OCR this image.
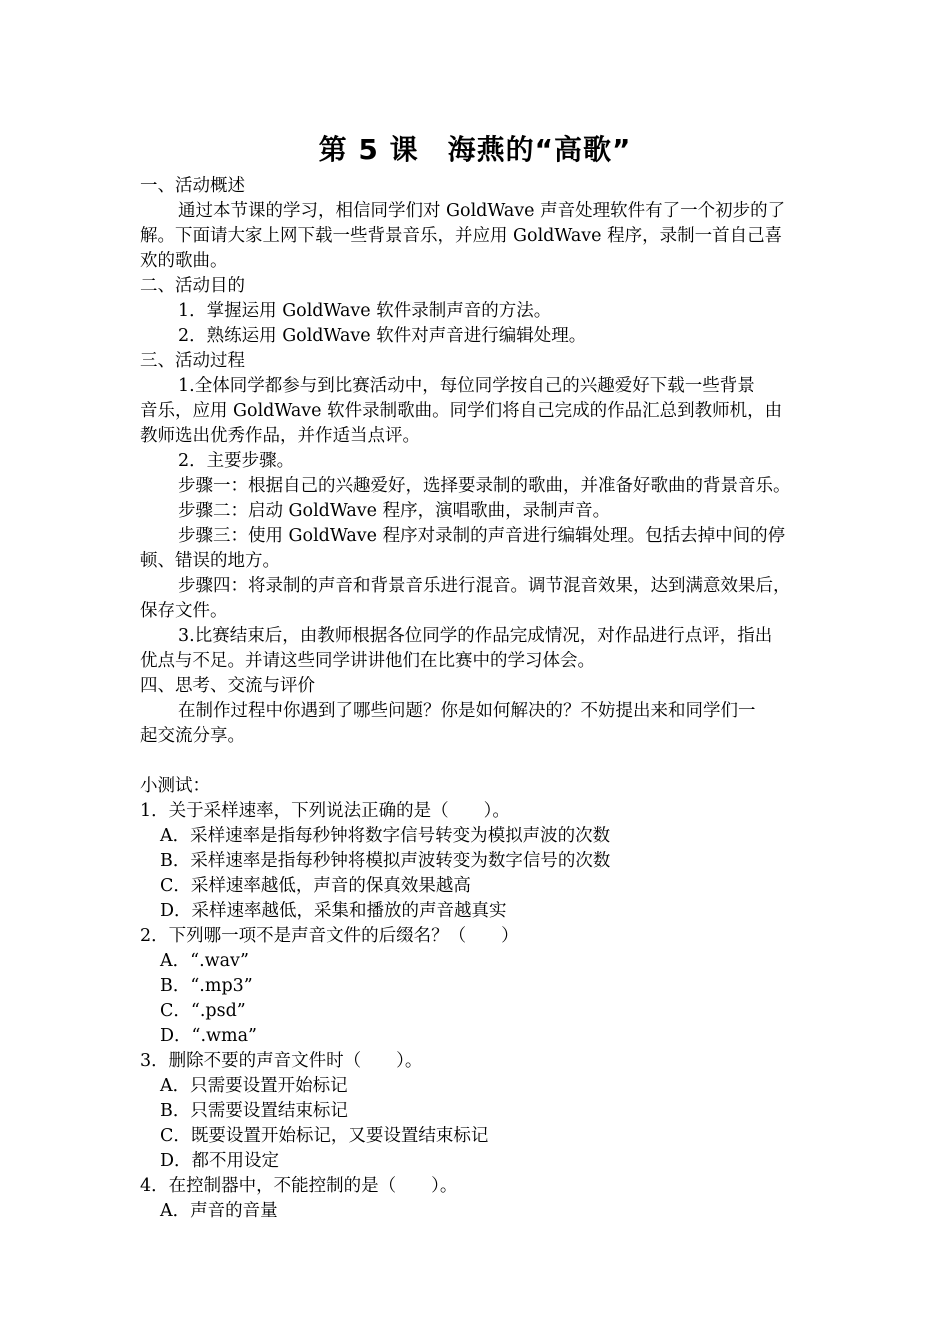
第 5 课　海燕的“高歌”
一、活动概述
通过本节课的学习，相信同学们对 GoldWave 声音处理软件有了一个初步的了
解。下面请大家上网下载一些背景音乐，并应用 GoldWave 程序，录制一首自己喜
欢的歌曲。
二、活动目的
1．掌握运用 GoldWave 软件录制声音的方法。
2．熟练运用 GoldWave 软件对声音进行编辑处理。
三、活动过程
1.全体同学都参与到比赛活动中，每位同学按自己的兴趣爱好下载一些背景
音乐，应用 GoldWave 软件录制歌曲。同学们将自己完成的作品汇总到教师机，由
教师选出优秀作品，并作适当点评。
2．主要步骤。
步骤一：根据自己的兴趣爱好，选择要录制的歌曲，并准备好歌曲的背景音乐。
步骤二：启动 GoldWave 程序，演唱歌曲，录制声音。
步骤三：使用 GoldWave 程序对录制的声音进行编辑处理。包括去掉中间的停
顿、错误的地方。
步骤四：将录制的声音和背景音乐进行混音。调节混音效果，达到满意效果后，
保存文件。
3.比赛结束后，由教师根据各位同学的作品完成情况，对作品进行点评，指出
优点与不足。并请这些同学讲讲他们在比赛中的学习体会。
四、思考、交流与评价
在制作过程中你遇到了哪些问题？你是如何解决的？不妨提出来和同学们一
起交流分享。
小测试：
1．关于采样速率，下列说法正确的是（　　）。
A．采样速率是指每秒钟将数字信号转变为模拟声波的次数
B．采样速率是指每秒钟将模拟声波转变为数字信号的次数
C．采样速率越低，声音的保真效果越高
D．采样速率越低，采集和播放的声音越真实
2．下列哪一项不是声音文件的后缀名？（　　）
A．“.wav”
B．“.mp3”
C．“.psd”
D．“.wma”
3．删除不要的声音文件时（　　）。
A．只需要设置开始标记
B．只需要设置结束标记
C．既要设置开始标记，又要设置结束标记
D．都不用设定
4．在控制器中，不能控制的是（　　）。
A．声音的音量
